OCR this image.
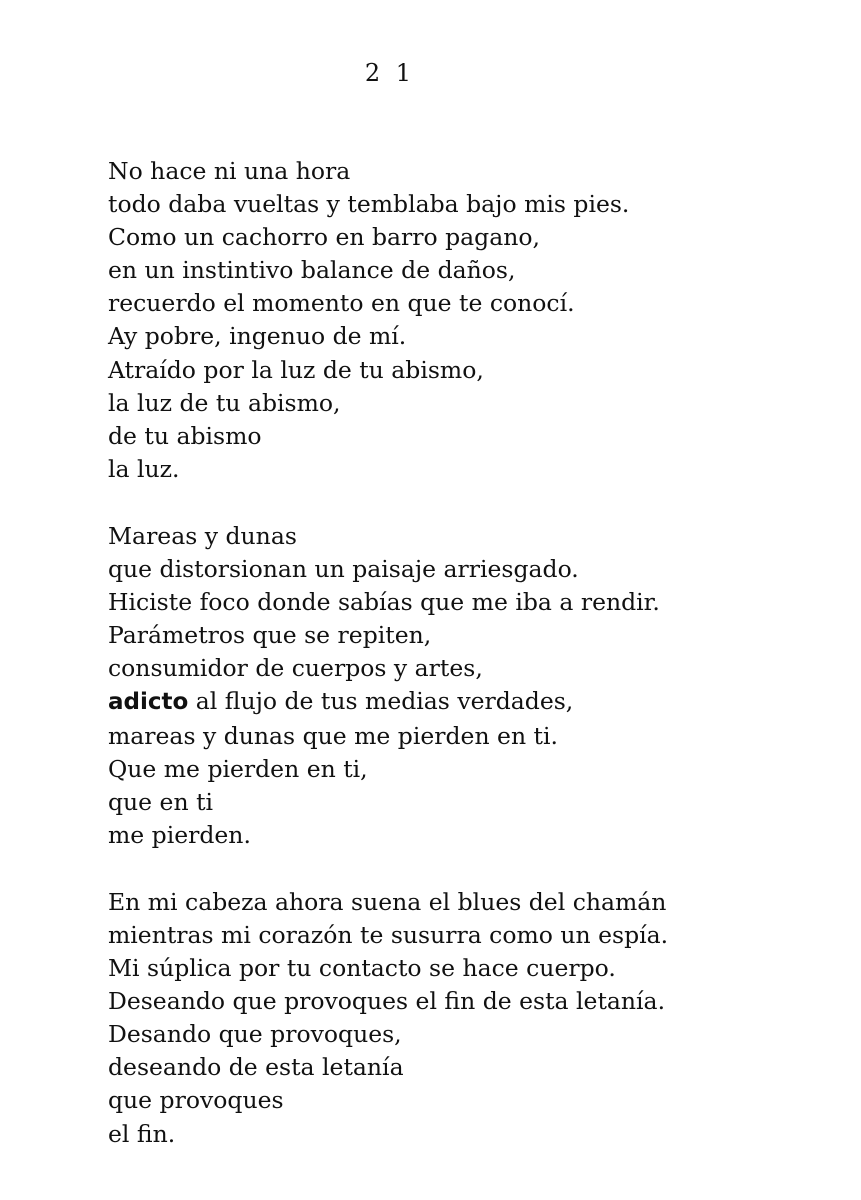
2 1
No hace ni una hora
todo daba vueltas y temblaba bajo mis pies.
Como un cachorro en barro pagano,
en un instintivo balance de daños,
recuerdo el momento en que te conocí.
Ay pobre, ingenuo de mí.
Atraído por la luz de tu abismo,
la luz de tu abismo,
de tu abismo
la luz.
Mareas y dunas
que distorsionan un paisaje arriesgado.
Hiciste foco donde sabías que me iba a rendir.
Parámetros que se repiten,
consumidor de cuerpos y artes,
adicto al flujo de tus medias verdades,
mareas y dunas que me pierden en ti.
Que me pierden en ti,
que en ti
me pierden.
En mi cabeza ahora suena el blues del chamán
mientras mi corazón te susurra como un espía.
Mi súplica por tu contacto se hace cuerpo.
Deseando que provoques el fin de esta letanía.
Desando que provoques,
deseando de esta letanía
que provoques
el fin.
